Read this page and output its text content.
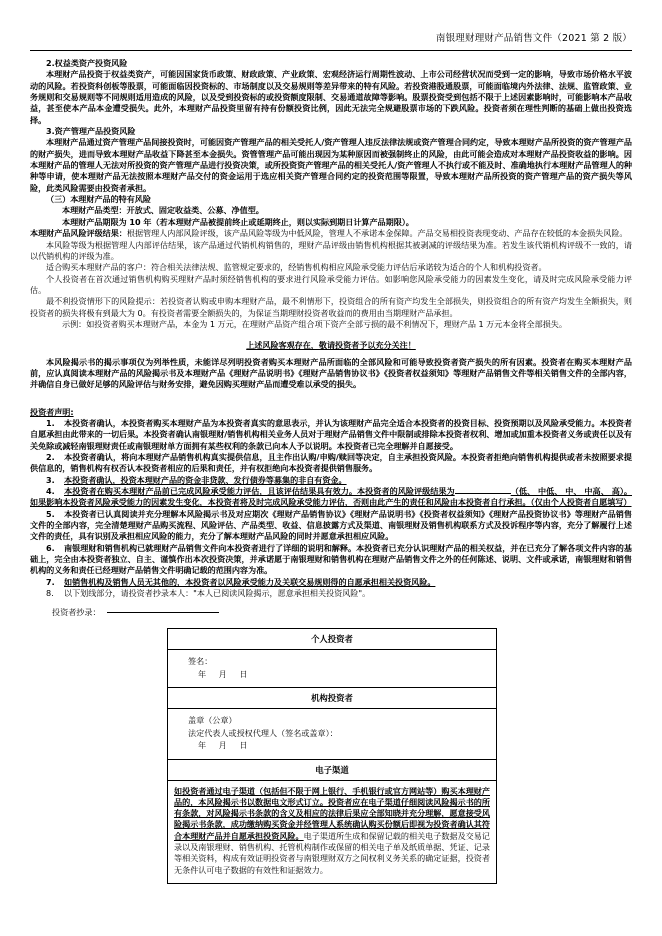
南银理财理财产品销售文件（2021 第 2 版）

2.权益类资产投资风险

本理财产品投资于权益类资产，可能因国家货币政策、财政政策、产业政策、宏观经济运行周期性波动、上市公司经营状况而受到一定的影响，导致市场价格水平波动的风险。若投资科创板等股票，可能面临因投资标的、市场制度以及交易规则等差异带来的特有风险。若投资港股通股票，可能面临境内外法律、法规、监管政策、业务规则和交易规则等不同规则适用造成的风险，以及受到投资标的或投资额度限制、交易通道故障等影响。股票投资受到包括不限于上述因素影响时，可能影响本产品收益，甚至使本产品本金遭受损失。此外，本理财产品投资里留有持有份额投资比例，因此无法完全规避股票市场的下跌风险。投资者须在理性判断的基础上做出投资选择。

3.资产管理产品投资风险

本理财产品通过资产管理产品间接投资时，可能因资产管理产品的相关受托人/资产管理人违反法律法规或资产管理合同约定，导致本理财产品所投资的资产管理产品的财产损失，进而导致本理财产品收益下降甚至本金损失。资管管理产品可能出现因为某种原因而被强制终止的风险，由此可能会造成对本理财产品投资收益的影响。因本理财产品的管理人无法对所投资的资产管理产品进行投资决策，或所投资资产管理产品的相关受托人/资产管理人不执行或不能及时、准确地执行本理财产品管理人的种种等申请，使本理财产品无法按照本理财产品交付的资金运用于选应相关资产管理合同约定的投资范围等限置，导致本理财产品所投资的资产管理产品的资产损失等风险，此类风险需要由投资者承担。

（三）本理财产品的特有风险

本理财产品类型：开放式、固定收益类、公募、净值型。

本理财产品期限为 10 年（若本理财产品被提前终止或延期终止，则以实际到期日计算产品期限）。

本理财产品风险评级结果：根据管理人内部风险评级，该产品风险等级为中低风险，管理人不承诺本金保障。产品交易相投资表现变动、产品存在较低的本金损失风险。

本风险等级为根据管理人内部评估结果，该产品通过代销机构销售的，理财产品评级由销售机构根据其被剥减的评级结果为准。若发生该代销机构评级不一致的，请以代销机构的评级为准。

适合购买本理财产品的客户：符合相关法律法规、监管规定要求的，经销售机构相应风险承受能力评估后承诺较为适合的个人和机构投资者。

个人投资者在首次通过销售机构购买理财产品时须经销售机构的要求进行风险承受能力评估。如影响您风险承受能力的因素发生变化，请及时完成风险承受能力评估。

最不利投资情形下的风险提示：若投资者认购或申购本理财产品，最不利情形下，投资组合的所有资产均发生全部损失，则投资组合的所有资产均发生全额损失，则投资者的损失将极有到最大为 0。有投资者需要全额损失的，为保证当期理财投资者收益而的费用由当期理财产品承担。

示例：如投资者购买本理财产品，本金为 1 万元，在理财产品资产组合项下资产全部亏损的最不利情况下，理财产品 1 万元本金将全部损失。

上述风险客观存在，敬请投资者予以充分关注！

本风险揭示书的揭示事项仅为列举性质，未能详尽列明投资者购买本理财产品所面临的全部风险和可能导致投资者资产损失的所有因素。投资者在购买本理财产品前，应认真阅读本理财产品的风险揭示书及本理财产品《理财产品说明书》《理财产品销售协议书》《投资者权益须知》等理财产品销售文件等相关销售文件的全部内容，并确信自身已做好足够的风险评估与财务安排，避免因购买理财产品而遭受难以承受的损失。

投资者声明:

1. 本投资者确认，本投资者购买本理财产品为本投资者真实的意思表示，并认为该理财产品完全适合本投资者的投资目标、投资预期以及风险承受能力。本投资者自愿承担由此带来的一切后果。本投资者确认南银理财/销售机构相关业务人员对于理财产品销售文件中限制或排除本投资者权利、增加或加重本投资者义务或责任以及有关免除或减轻南银理财责任或南银理财单方面拥有某些权利的条款已向本人予以说明。本投资者已完全理解并自愿接受。

2. 本投资者确认，将向本理财产品销售机构真实提供信息，且主作出认购/申购/赎回等决定，自主承担投资风险。本投资者拒绝向销售机构提供或者未按照要求提供信息的，销售机构有权否认本投资者相应的后果和责任，并有权拒绝向本投资者提供销售服务。

3. 本投资者确认，投资本理财产品的资金非贷款、发行债券等募集的非自有资金。

4. 本投资者在购买本理财产品前已完成风险承受能力评估，且该评估结果具有效力。本投资者的风险评级结果为	（低、 中低、 中、 中高、 高）。如果影响本投资者风险承受能力的因素发生变化，本投资者将及时完成风险承受能力评估，否则由此产生的责任和风险由本投资者自行承担。（仅由个人投资者自愿填写）

5. 本投资者已认真阅读并充分理解本风险揭示书及对应期次《理财产品销售协议》《理财产品说明书》《投资者权益须知》《理财产品投资协议书》等理财产品销售文件的全部内容，完全清楚理财产品购买流程、风险评估、产品类型、收益、信息披露方式及渠道、南银理财及销售机构联系方式及投诉程序等内容，充分了解履行上述文件的责任，具有识别及承担相应风险的能力，充分了解本理财产品风险的同时并愿意承担相应风险。

6. 南银理财和销售机构已就理财产品销售文件向本投资者进行了详细的说明和解释。本投资者已充分认识理财产品的相关权益，并在已充分了解各项文件内容的基础上，完全由本投资者独立、自主、谨慎作出本次投资决策，并承诺愿于南银理财和销售机构在理财产品销售文件之外的任何陈述、说明、文件或承诺，南银理财和销售机构的义务和责任已经理财产品销售文件明确记载的范围内容为准。

7. 如销售机构及销售人员无其他的，本投资者以风险承受能力及关联交易规则得的自愿承担相关投资风险。

8. 以下划线部分，请投资者抄录本人："本人已阅读风险揭示，愿意承担相关投资风险"。

投资者抄录：
个人投资者

签名：
年 月 日

机构投资者

盖章（公章）
法定代表人或授权代理人（签名或盖章）：
年 月 日

电子渠道
如投资者通过电子渠道（包括但不限于网上银行、手机银行或官方网站等）购买本理财产品的，本风险揭示书以数据电文形式订立。投资者应在电子渠道仔细阅读风险揭示书的所有条款，对风险揭示书条款的含义及相应的法律后果应全部知晓并充分理解，愿意接受风险揭示书条款，成功缴纳购买资金并经管理人系统确认购买份额后即视为投资者确认其符合本理财产品并自愿承担投资风险。电子渠道所生成和保留记载的相关电子数据及交易记录以及南银理财、销售机构、托管机构制作或保留的相关电子单及纸质单据、凭证、记录等相关资料，构成有效证明投资者与南银理财双方之间权利义务关系的确定证据，投资者无条件认可电子数据的有效性和证据效力。
